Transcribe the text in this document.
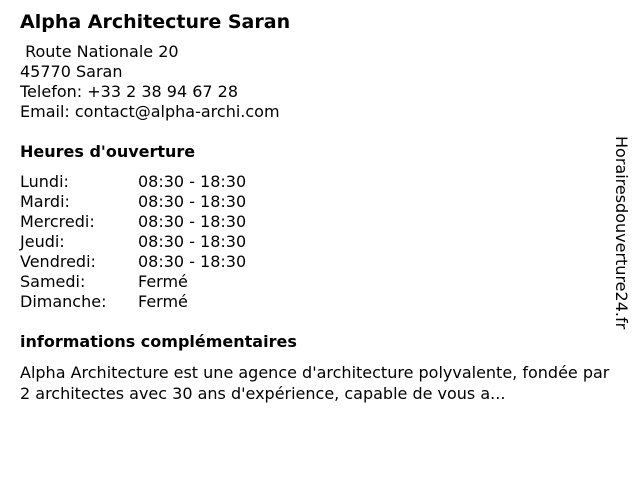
Alpha Architecture Saran
Route Nationale 20
45770 Saran
Telefon: +33 2 38 94 67 28
Email: contact@alpha-archi.com
Heures d'ouverture
Lundi:	08:30 - 18:30
Mardi:	08:30 - 18:30
Mercredi:	08:30 - 18:30
Jeudi:	08:30 - 18:30
Vendredi:	08:30 - 18:30
Samedi:	Fermé
Dimanche:	Fermé
informations complémentaires
Alpha Architecture est une agence d'architecture polyvalente, fondée par 2 architectes avec 30 ans d'expérience, capable de vous a...
Horairesdouverture24.fr
